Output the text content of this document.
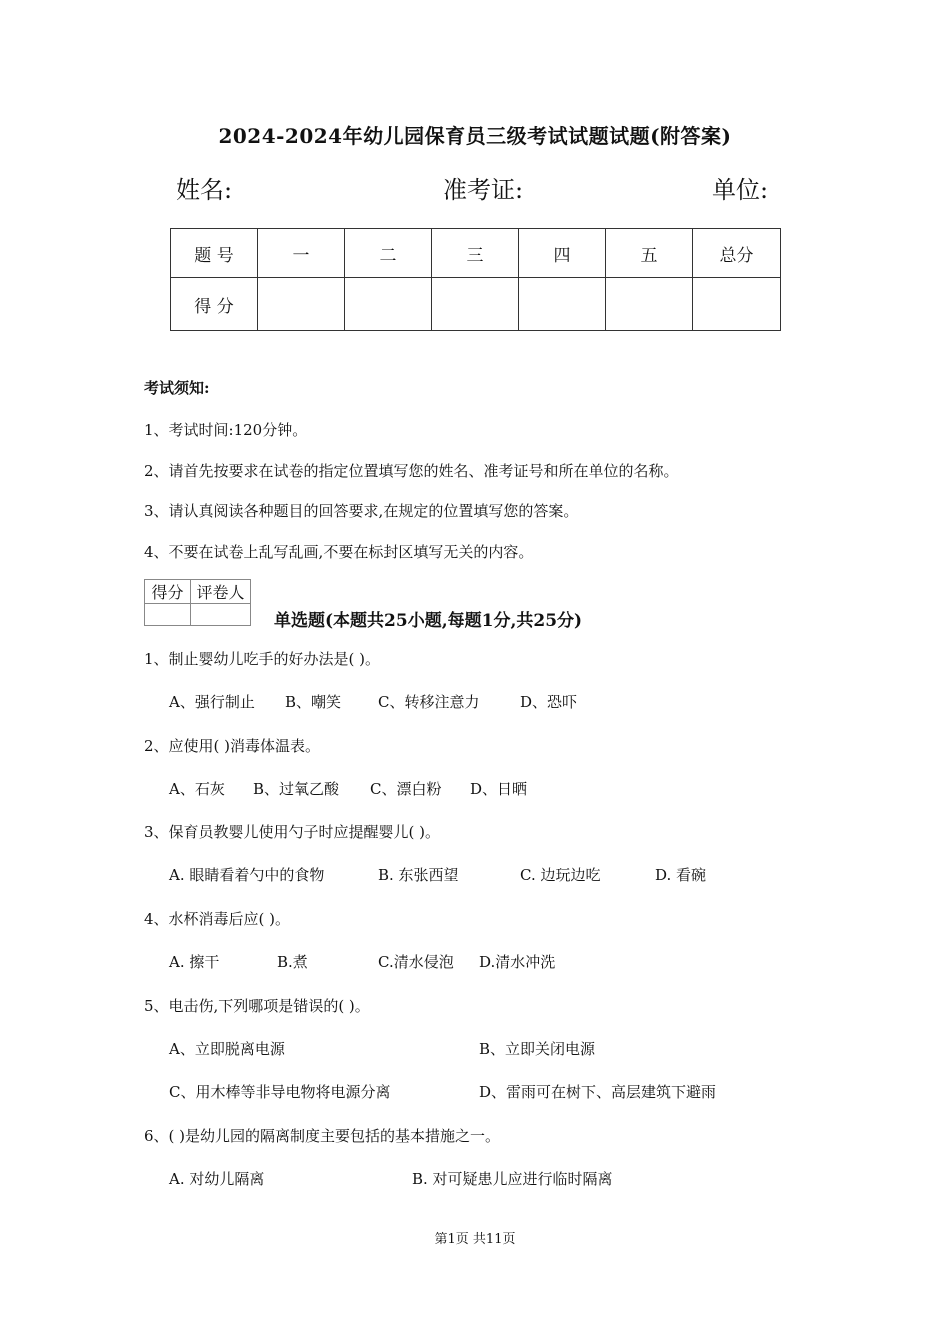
2024-2024年幼儿园保育员三级考试试题试题(附答案)
姓名:	准考证:	单位:
题 号	一	二	三	四	五	总分
得 分						
考试须知:
1、考试时间:120分钟。
2、请首先按要求在试卷的指定位置填写您的姓名、准考证号和所在单位的名称。
3、请认真阅读各种题目的回答要求,在规定的位置填写您的答案。
4、不要在试卷上乱写乱画,不要在标封区填写无关的内容。
得分	评卷人

单选题(本题共25小题,每题1分,共25分)
1、制止婴幼儿吃手的好办法是( )。
A、强行制止 B、嘲笑 C、转移注意力	D、恐吓
2、应使用( )消毒体温表。
A、石灰 B、过氧乙酸 C、漂白粉 D、日晒
3、保育员教婴儿使用勺子时应提醒婴儿( )。
A. 眼睛看着勺中的食物	B. 东张西望	C. 边玩边吃	D. 看碗
4、水杯消毒后应( )。
A. 擦干	B.煮	C.清水侵泡 D.清水冲洗
5、电击伤,下列哪项是错误的( )。
A、立即脱离电源	B、立即关闭电源
C、用木棒等非导电物将电源分离	D、雷雨可在树下、高层建筑下避雨
6、( )是幼儿园的隔离制度主要包括的基本措施之一。
A. 对幼儿隔离	B. 对可疑患儿应进行临时隔离
第1页 共11页
